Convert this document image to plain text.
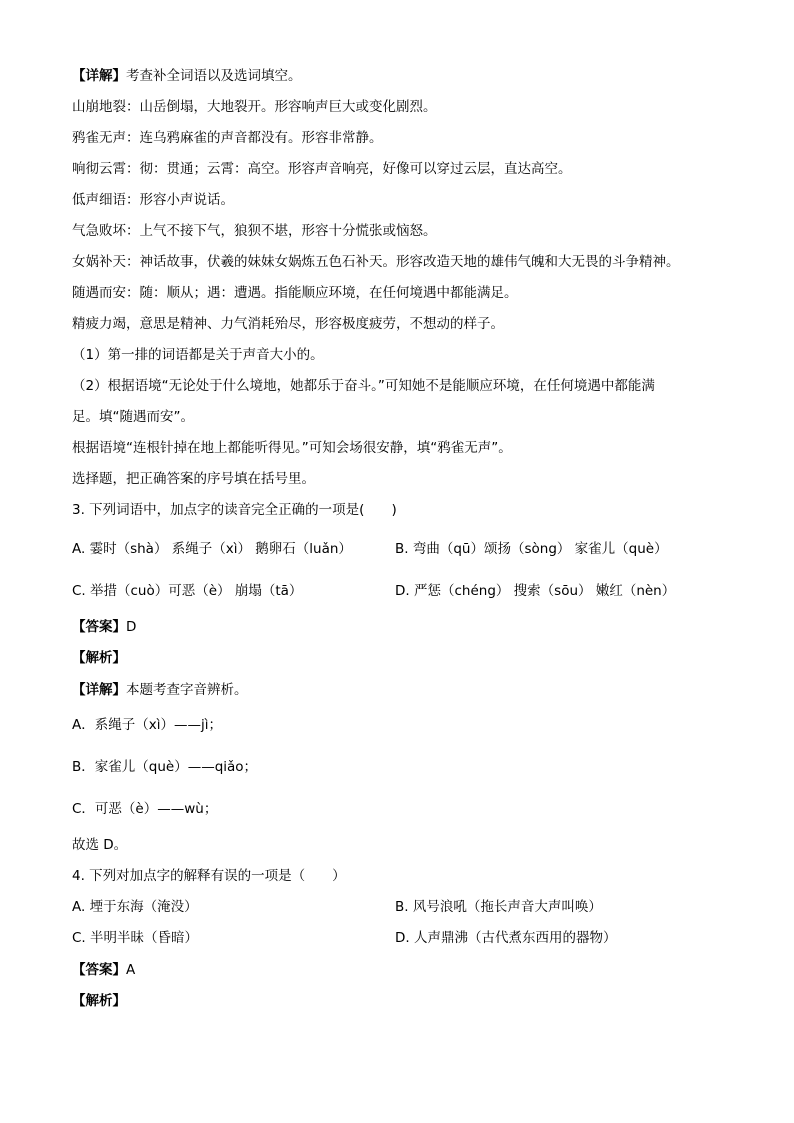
【详解】考查补全词语以及选词填空。
山崩地裂：山岳倒塌，大地裂开。形容响声巨大或变化剧烈。
鸦雀无声：连乌鸦麻雀的声音都没有。形容非常静。
响彻云霄：彻：贯通；云霄：高空。形容声音响亮，好像可以穿过云层，直达高空。
低声细语：形容小声说话。
气急败坏：上气不接下气，狼狈不堪，形容十分慌张或恼怒。
女娲补天：神话故事，伏羲的妹妹女娲炼五色石补天。形容改造天地的雄伟气魄和大无畏的斗争精神。
随遇而安：随：顺从；遇：遭遇。指能顺应环境，在任何境遇中都能满足。
精疲力竭，意思是精神、力气消耗殆尽，形容极度疲劳，不想动的样子。
（1）第一排的词语都是关于声音大小的。
（2）根据语境“无论处于什么境地，她都乐于奋斗。”可知她不是能顺应环境，在任何境遇中都能满
足。填“随遇而安”。
根据语境“连根针掉在地上都能听得见。”可知会场很安静，填“鸦雀无声”。
选择题，把正确答案的序号填在括号里。
3. 下列词语中，加点字的读音完全正确的一项是(　　)
A. 霎时（shà） 系绳子（xì） 鹅卵石（luǎn）	B. 弯曲（qū）颂扬（sòng） 家雀儿（què）
C. 举措（cuò）可恶（è） 崩塌（tā）	D. 严惩（chéng） 搜索（sōu） 嫩红（nèn）
【答案】D
【解析】
【详解】本题考查字音辨析。
A．系绳子（xì）——jì；
B．家雀儿（què）——qiǎo；
C．可恶（è）——wù；
故选 D。
4. 下列对加点字的解释有误的一项是（　　）
A. 堙于东海（淹没）	B. 风号浪吼（拖长声音大声叫唤）
C. 半明半昧（昏暗）	D. 人声鼎沸（古代煮东西用的器物）
【答案】A
【解析】
